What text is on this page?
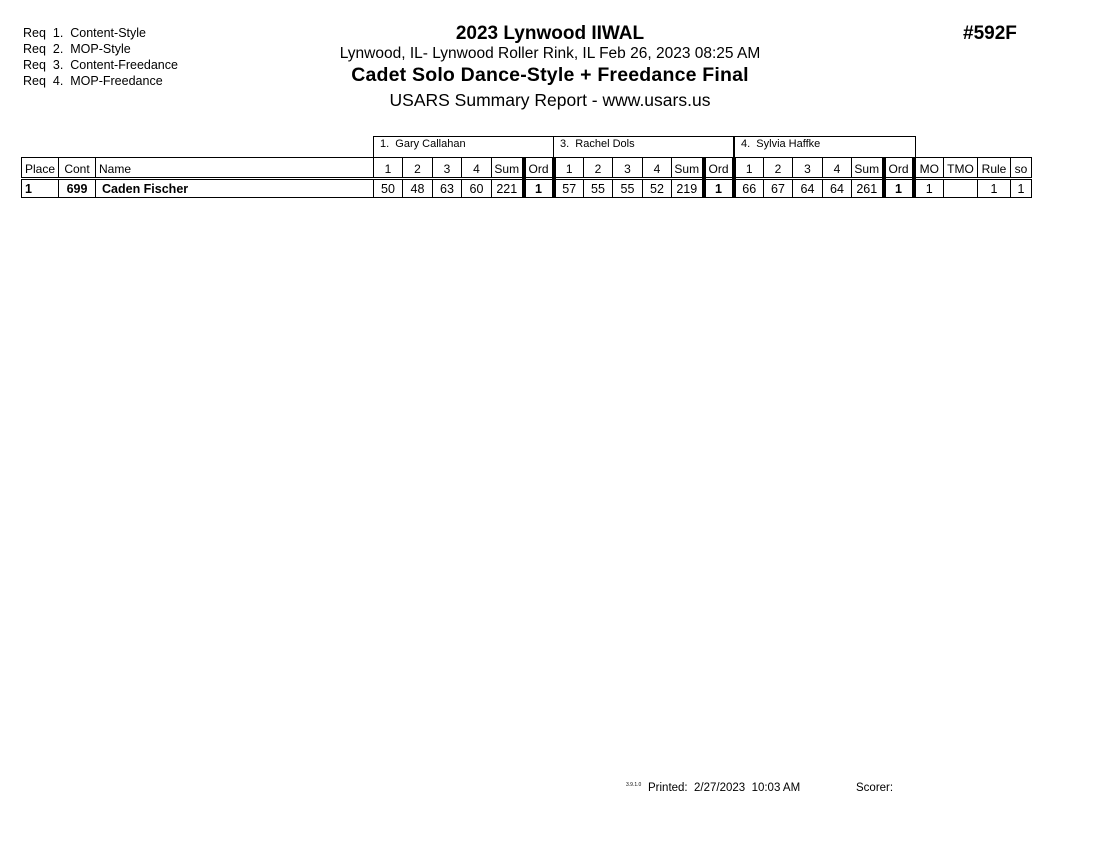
Req  1.  Content-Style
Req  2.  MOP-Style
Req  3.  Content-Freedance
Req  4.  MOP-Freedance
2023 Lynwood IIWAL
Lynwood, IL- Lynwood Roller Rink, IL Feb 26, 2023 08:25 AM
Cadet Solo Dance-Style + Freedance Final
USARS Summary Report - www.usars.us
#592F
1.  Gary Callahan	3.  Rachel Dols	4.  Sylvia Haffke
Place	Cont	Name	1	2	3	4	Sum	Ord	1	2	3	4	Sum	Ord	1	2	3	4	Sum	Ord	MO	TMO	Rule	so
1	699	Caden Fischer	50	48	63	60	221	1	57	55	55	52	219	1	66	67	64	64	261	1	1		1	1
3.9.1.0 Printed:  2/27/2023  10:03 AM	Scorer:
